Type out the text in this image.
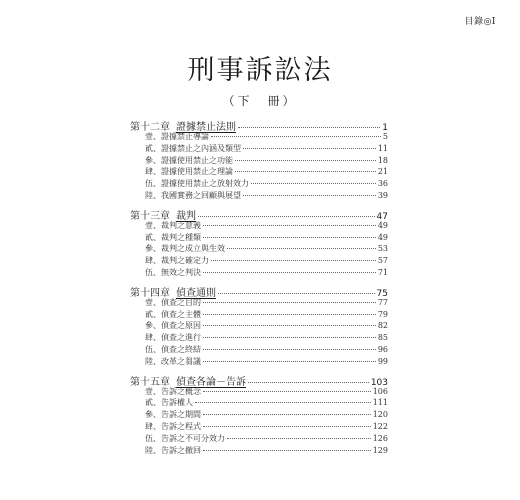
目錄◎I
刑事訴訟法
（下　冊）
第十二章 證據禁止法則	1
壹、證據禁止導論	5
貳、證據禁止之內涵及類型	11
參、證據使用禁止之功能	18
肆、證據使用禁止之理論	21
伍、證據使用禁止之放射效力	36
陸、我國實務之回顧與展望	39
第十三章 裁判	47
壹、裁判之意義	49
貳、裁判之種類	49
參、裁判之成立與生效	53
肆、裁判之確定力	57
伍、無效之判決	71
第十四章 偵查通則	75
壹、偵查之目的	77
貳、偵查之主體	79
參、偵查之原因	82
肆、偵查之進行	85
伍、偵查之終結	96
陸、改革之芻議	99
第十五章 偵查各論－告訴	103
壹、告訴之概念	106
貳、告訴權人	111
參、告訴之期間	120
肆、告訴之程式	122
伍、告訴之不可分效力	126
陸、告訴之撤回	129
